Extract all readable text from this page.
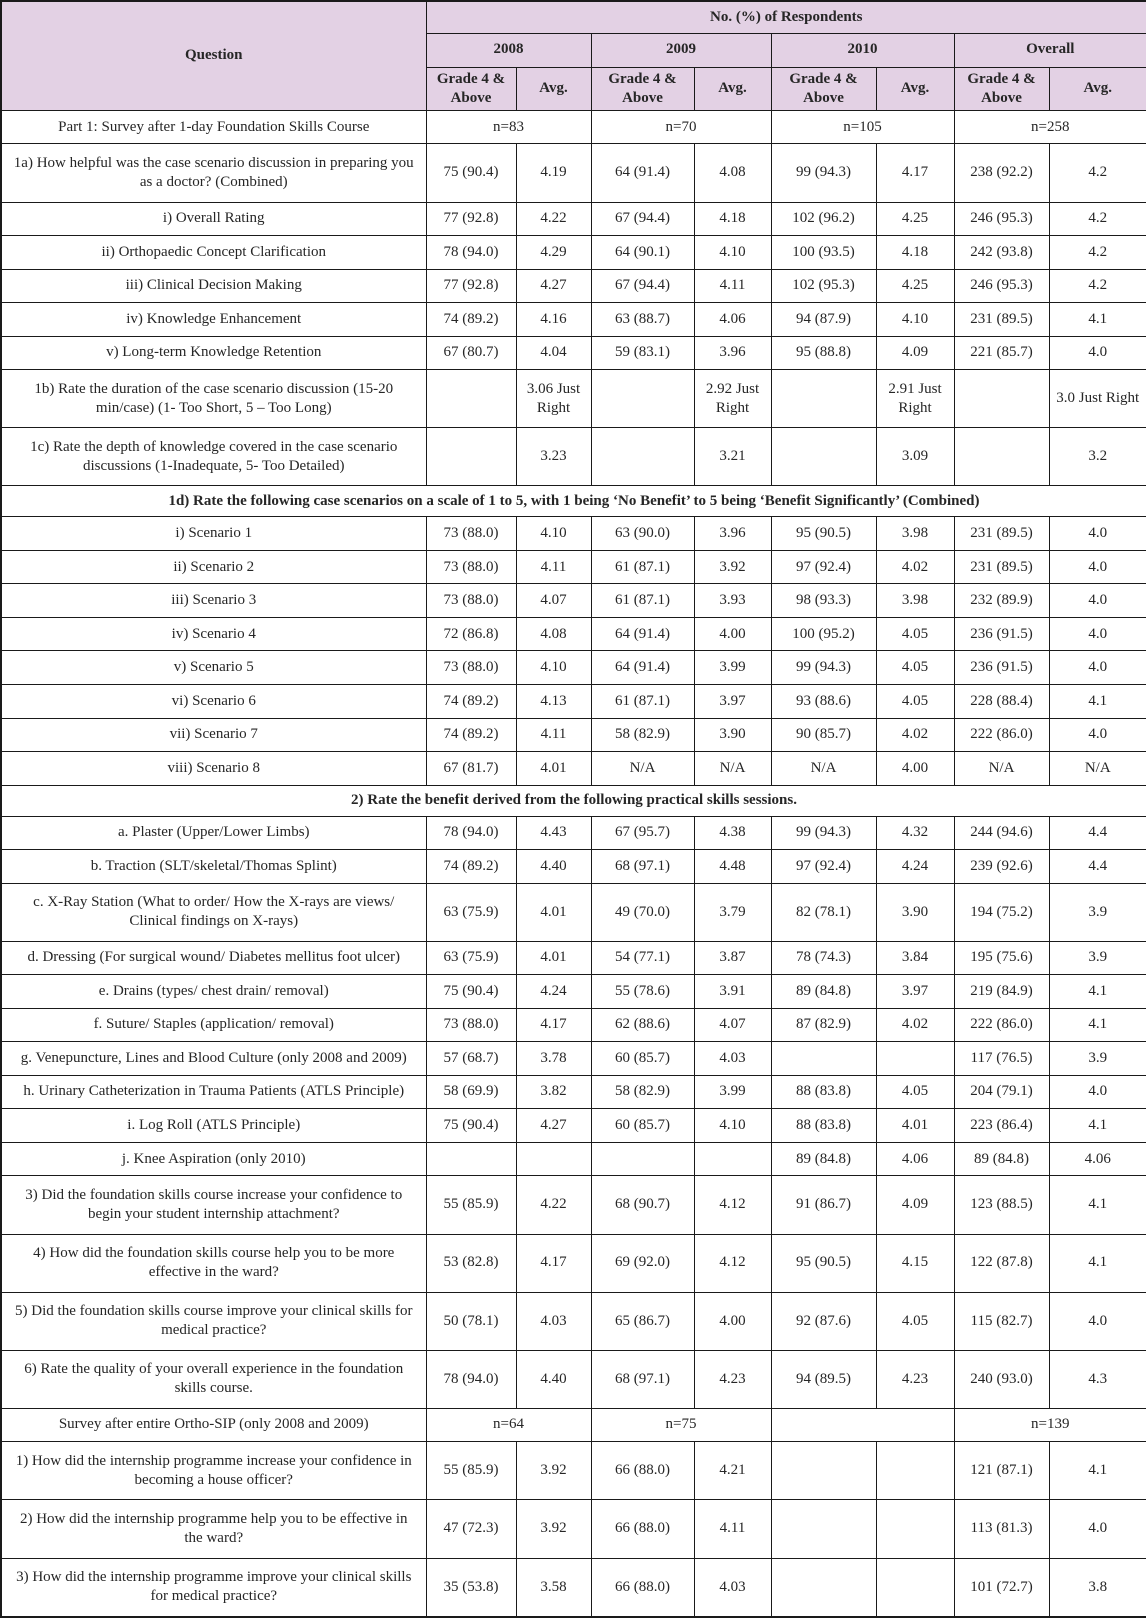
Question	No. (%) of Respondents							
	2008		2009		2010		Overall	
	Grade 4 & Above	Avg.	Grade 4 & Above	Avg.	Grade 4 & Above	Avg.	Grade 4 & Above	Avg.
Part 1: Survey after 1-day Foundation Skills Course	n=83		n=70		n=105		n=258	
1a) How helpful was the case scenario discussion in preparing you as a doctor? (Combined)	75 (90.4)	4.19	64 (91.4)	4.08	99 (94.3)	4.17	238 (92.2)	4.2
i) Overall Rating	77 (92.8)	4.22	67 (94.4)	4.18	102 (96.2)	4.25	246 (95.3)	4.2
ii) Orthopaedic Concept Clarification	78 (94.0)	4.29	64 (90.1)	4.10	100 (93.5)	4.18	242 (93.8)	4.2
iii) Clinical Decision Making	77 (92.8)	4.27	67 (94.4)	4.11	102 (95.3)	4.25	246 (95.3)	4.2
iv) Knowledge Enhancement	74 (89.2)	4.16	63 (88.7)	4.06	94 (87.9)	4.10	231 (89.5)	4.1
v) Long-term Knowledge Retention	67 (80.7)	4.04	59 (83.1)	3.96	95 (88.8)	4.09	221 (85.7)	4.0
1b) Rate the duration of the case scenario discussion (15-20 min/case) (1- Too Short, 5 – Too Long)		3.06 Just Right		2.92 Just Right		2.91 Just Right		3.0 Just Right
1c) Rate the depth of knowledge covered in the case scenario discussions (1-Inadequate, 5- Too Detailed)		3.23		3.21		3.09		3.2
1d) Rate the following case scenarios on a scale of 1 to 5, with 1 being ‘No Benefit’ to 5 being ‘Benefit Significantly’ (Combined)								
i) Scenario 1	73 (88.0)	4.10	63 (90.0)	3.96	95 (90.5)	3.98	231 (89.5)	4.0
ii) Scenario 2	73 (88.0)	4.11	61 (87.1)	3.92	97 (92.4)	4.02	231 (89.5)	4.0
iii) Scenario 3	73 (88.0)	4.07	61 (87.1)	3.93	98 (93.3)	3.98	232 (89.9)	4.0
iv) Scenario 4	72 (86.8)	4.08	64 (91.4)	4.00	100 (95.2)	4.05	236 (91.5)	4.0
v) Scenario 5	73 (88.0)	4.10	64 (91.4)	3.99	99 (94.3)	4.05	236 (91.5)	4.0
vi) Scenario 6	74 (89.2)	4.13	61 (87.1)	3.97	93 (88.6)	4.05	228 (88.4)	4.1
vii) Scenario 7	74 (89.2)	4.11	58 (82.9)	3.90	90 (85.7)	4.02	222 (86.0)	4.0
viii) Scenario 8	67 (81.7)	4.01	N/A	N/A	N/A	4.00	N/A	N/A
2) Rate the benefit derived from the following practical skills sessions.								
a. Plaster (Upper/Lower Limbs)	78 (94.0)	4.43	67 (95.7)	4.38	99 (94.3)	4.32	244 (94.6)	4.4
b. Traction (SLT/skeletal/Thomas Splint)	74 (89.2)	4.40	68 (97.1)	4.48	97 (92.4)	4.24	239 (92.6)	4.4
c. X-Ray Station (What to order/ How the X-rays are views/ Clinical findings on X-rays)	63 (75.9)	4.01	49 (70.0)	3.79	82 (78.1)	3.90	194 (75.2)	3.9
d. Dressing (For surgical wound/ Diabetes mellitus foot ulcer)	63 (75.9)	4.01	54 (77.1)	3.87	78 (74.3)	3.84	195 (75.6)	3.9
e. Drains (types/ chest drain/ removal)	75 (90.4)	4.24	55 (78.6)	3.91	89 (84.8)	3.97	219 (84.9)	4.1
f. Suture/ Staples (application/ removal)	73 (88.0)	4.17	62 (88.6)	4.07	87 (82.9)	4.02	222 (86.0)	4.1
g. Venepuncture, Lines and Blood Culture (only 2008 and 2009)	57 (68.7)	3.78	60 (85.7)	4.03			117 (76.5)	3.9
h. Urinary Catheterization in Trauma Patients (ATLS Principle)	58 (69.9)	3.82	58 (82.9)	3.99	88 (83.8)	4.05	204 (79.1)	4.0
i. Log Roll (ATLS Principle)	75 (90.4)	4.27	60 (85.7)	4.10	88 (83.8)	4.01	223 (86.4)	4.1
j. Knee Aspiration (only 2010)					89 (84.8)	4.06	89 (84.8)	4.06
3) Did the foundation skills course increase your confidence to begin your student internship attachment?	55 (85.9)	4.22	68 (90.7)	4.12	91 (86.7)	4.09	123 (88.5)	4.1
4) How did the foundation skills course help you to be more effective in the ward?	53 (82.8)	4.17	69 (92.0)	4.12	95 (90.5)	4.15	122 (87.8)	4.1
5) Did the foundation skills course improve your clinical skills for medical practice?	50 (78.1)	4.03	65 (86.7)	4.00	92 (87.6)	4.05	115 (82.7)	4.0
6) Rate the quality of your overall experience in the foundation skills course.	78 (94.0)	4.40	68 (97.1)	4.23	94 (89.5)	4.23	240 (93.0)	4.3
Survey after entire Ortho-SIP (only 2008 and 2009)	n=64		n=75				n=139	
1) How did the internship programme increase your confidence in becoming a house officer?	55 (85.9)	3.92	66 (88.0)	4.21			121 (87.1)	4.1
2) How did the internship programme help you to be effective in the ward?	47 (72.3)	3.92	66 (88.0)	4.11			113 (81.3)	4.0
3) How did the internship programme improve your clinical skills for medical practice?	35 (53.8)	3.58	66 (88.0)	4.03			101 (72.7)	3.8
